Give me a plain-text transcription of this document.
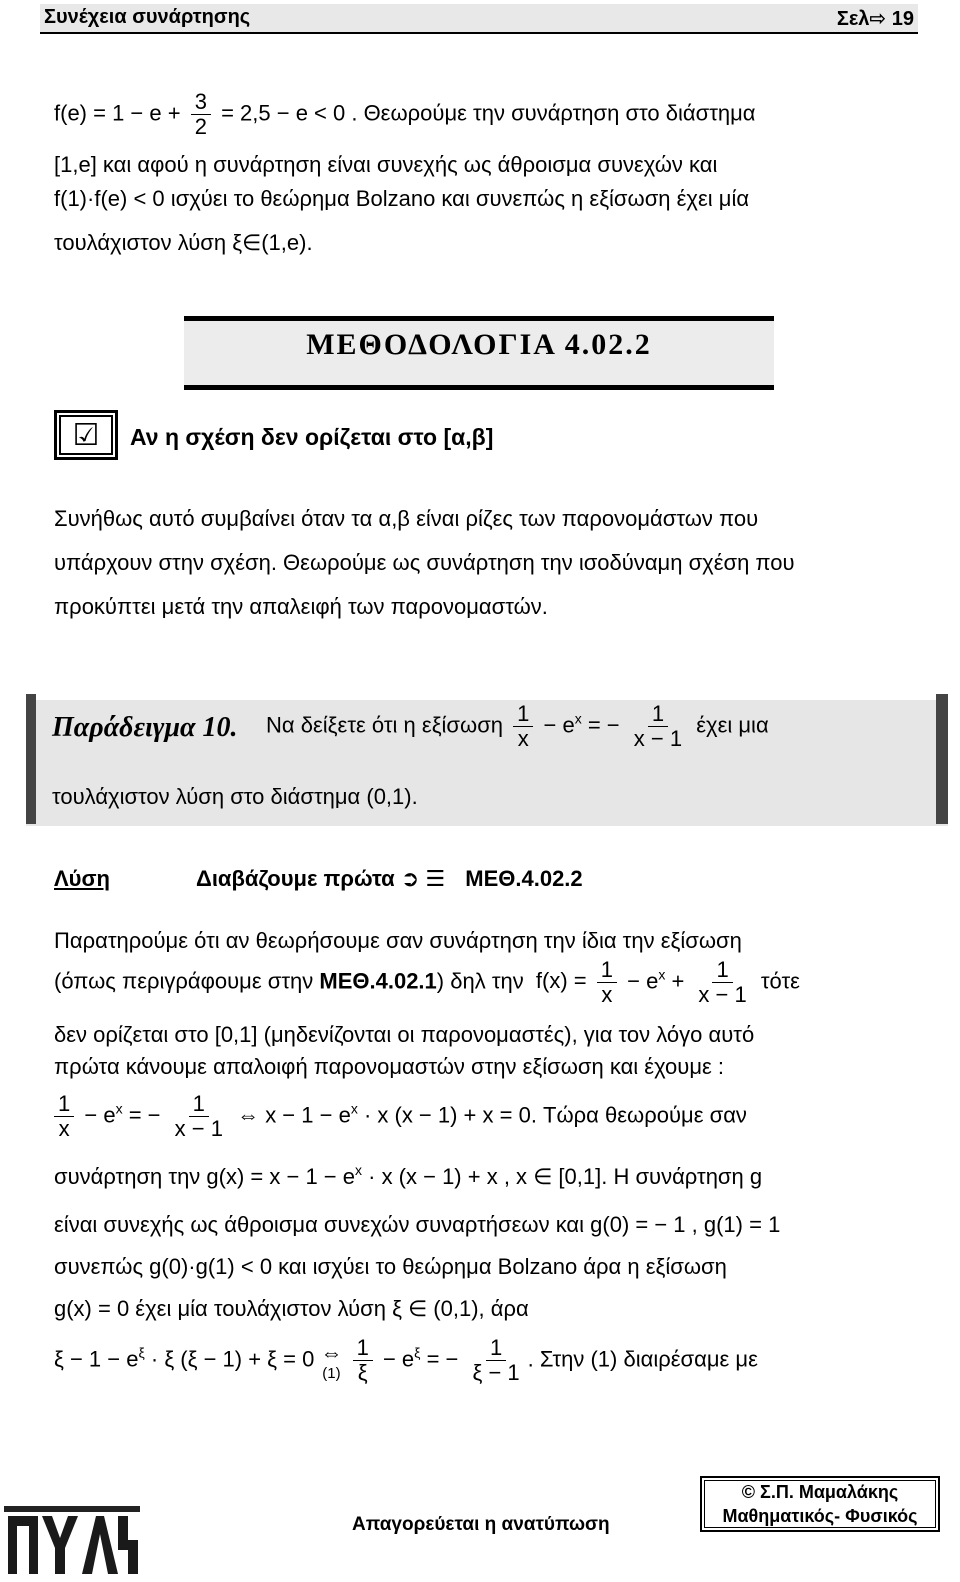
Συνέχεια συνάρτησης	Σελ⇨ 19
$f(e) = 1 - e + \frac{3}{2} = 2,5 - e < 0$ . Θεωρούμε την συνάρτηση στο διάστημα
[1,e] και αφού η συνάρτηση είναι συνεχής ως άθροισμα συνεχών και
f(1)·f(e) < 0 ισχύει το θεώρημα Bolzano και συνεπώς η εξίσωση έχει μία
τουλάχιστον λύση ξ∈(1,e).
ΜΕΘΟΔΟΛΟΓΙΑ 4.02.2
☑	Αν η σχέση δεν ορίζεται στο [α,β]
Συνήθως αυτό συμβαίνει όταν τα α,β είναι ρίζες των παρονομάστων που
υπάρχουν στην σχέση. Θεωρούμε ως συνάρτηση την ισοδύναμη σχέση που
προκύπτει μετά την απαλειφή των παρονομαστών.
Παράδειγμα 10. Να δείξετε ότι η εξίσωση $\frac{1}{x} - e^x$ = − $\frac{1}{x - 1}$ έχει μια
τουλάχιστον λύση στο διάστημα (0,1).
Λύση	Διαβάζουμε πρώτα ➲ ☰ ΜΕΘ.4.02.2
Παρατηρούμε ότι αν θεωρήσουμε σαν συνάρτηση την ίδια την εξίσωση
(όπως περιγράφουμε στην ΜΕΘ.4.02.1) δηλ την $f(x) = \frac{1}{x} - e^x + \frac{1}{x - 1}$ τότε
δεν ορίζεται στο [0,1] (μηδενίζονται οι παρονομαστές), για τον λόγο αυτό
πρώτα κάνουμε απαλοιφή παρονομαστών στην εξίσωση και έχουμε :
$\frac{1}{x} - e^x$ = − $\frac{1}{x - 1}$ ⇔ $x - 1 - e^x \cdot x$ (x − 1) + x = 0. Τώρα θεωρούμε σαν
συνάρτηση την $g(x) = x - 1 - e^x \cdot x$ (x − 1) + x , x ∈ [0,1]. Η συνάρτηση g
είναι συνεχής ως άθροισμα συνεχών συναρτήσεων και g(0) = − 1 , g(1) = 1
συνεπώς g(0)·g(1) < 0 και ισχύει το θεώρημα Bolzano άρα η εξίσωση
g(x) = 0 έχει μία τουλάχιστον λύση ξ ∈ (0,1), άρα
$\xi - 1 - e^\xi \cdot \xi$ (ξ − 1) + ξ = 0 ⇔
(1)
$\frac{1}{\xi} - e^\xi$ = − $\frac{1}{\xi - 1}$ . Στην (1) διαιρέσαμε με
Απαγορεύεται η ανατύπωση
© Σ.Π. Μαμαλάκης
Μαθηματικός- Φυσικός
